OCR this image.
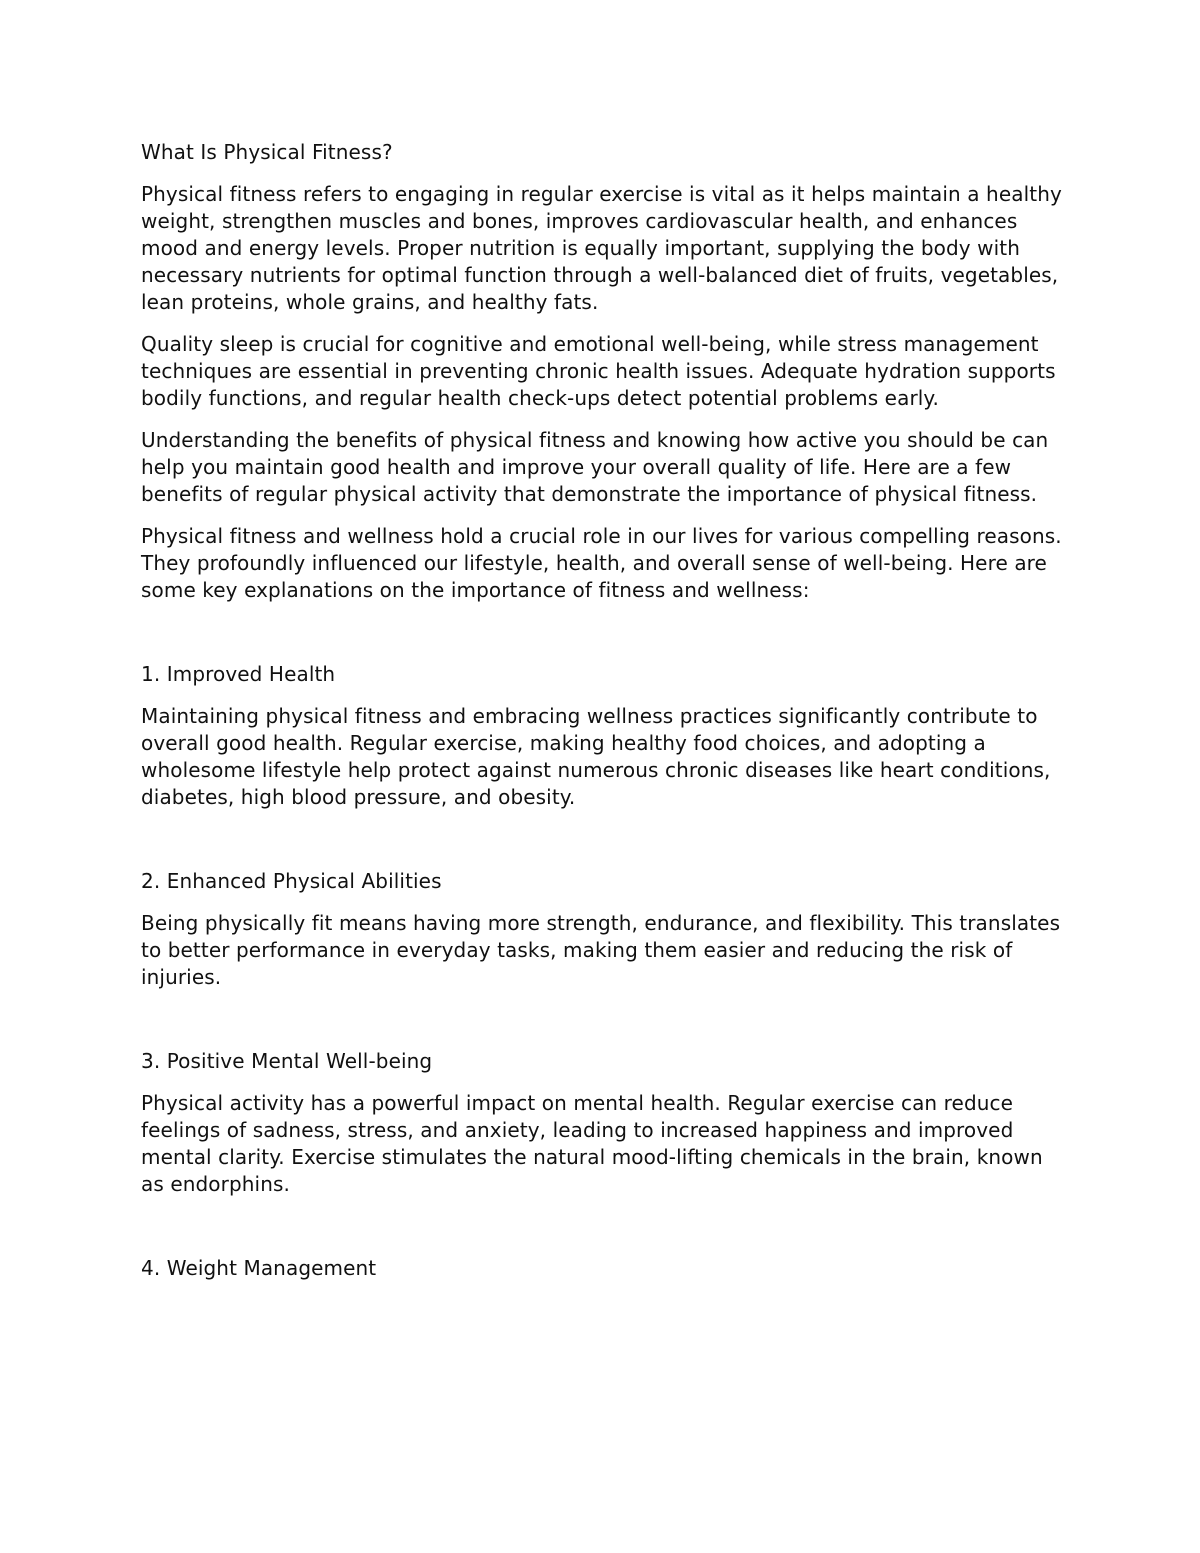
What Is Physical Fitness?

Physical fitness refers to engaging in regular exercise is vital as it helps maintain a healthy weight, strengthen muscles and bones, improves cardiovascular health, and enhances mood and energy levels. Proper nutrition is equally important, supplying the body with necessary nutrients for optimal function through a well-balanced diet of fruits, vegetables, lean proteins, whole grains, and healthy fats.

Quality sleep is crucial for cognitive and emotional well-being, while stress management techniques are essential in preventing chronic health issues. Adequate hydration supports bodily functions, and regular health check-ups detect potential problems early.

Understanding the benefits of physical fitness and knowing how active you should be can help you maintain good health and improve your overall quality of life. Here are a few benefits of regular physical activity that demonstrate the importance of physical fitness.

Physical fitness and wellness hold a crucial role in our lives for various compelling reasons. They profoundly influenced our lifestyle, health, and overall sense of well-being. Here are some key explanations on the importance of fitness and wellness:

1. Improved Health

Maintaining physical fitness and embracing wellness practices significantly contribute to overall good health. Regular exercise, making healthy food choices, and adopting a wholesome lifestyle help protect against numerous chronic diseases like heart conditions, diabetes, high blood pressure, and obesity.

2. Enhanced Physical Abilities

Being physically fit means having more strength, endurance, and flexibility. This translates to better performance in everyday tasks, making them easier and reducing the risk of injuries.

3. Positive Mental Well-being

Physical activity has a powerful impact on mental health. Regular exercise can reduce feelings of sadness, stress, and anxiety, leading to increased happiness and improved mental clarity. Exercise stimulates the natural mood-lifting chemicals in the brain, known as endorphins.

4. Weight Management
